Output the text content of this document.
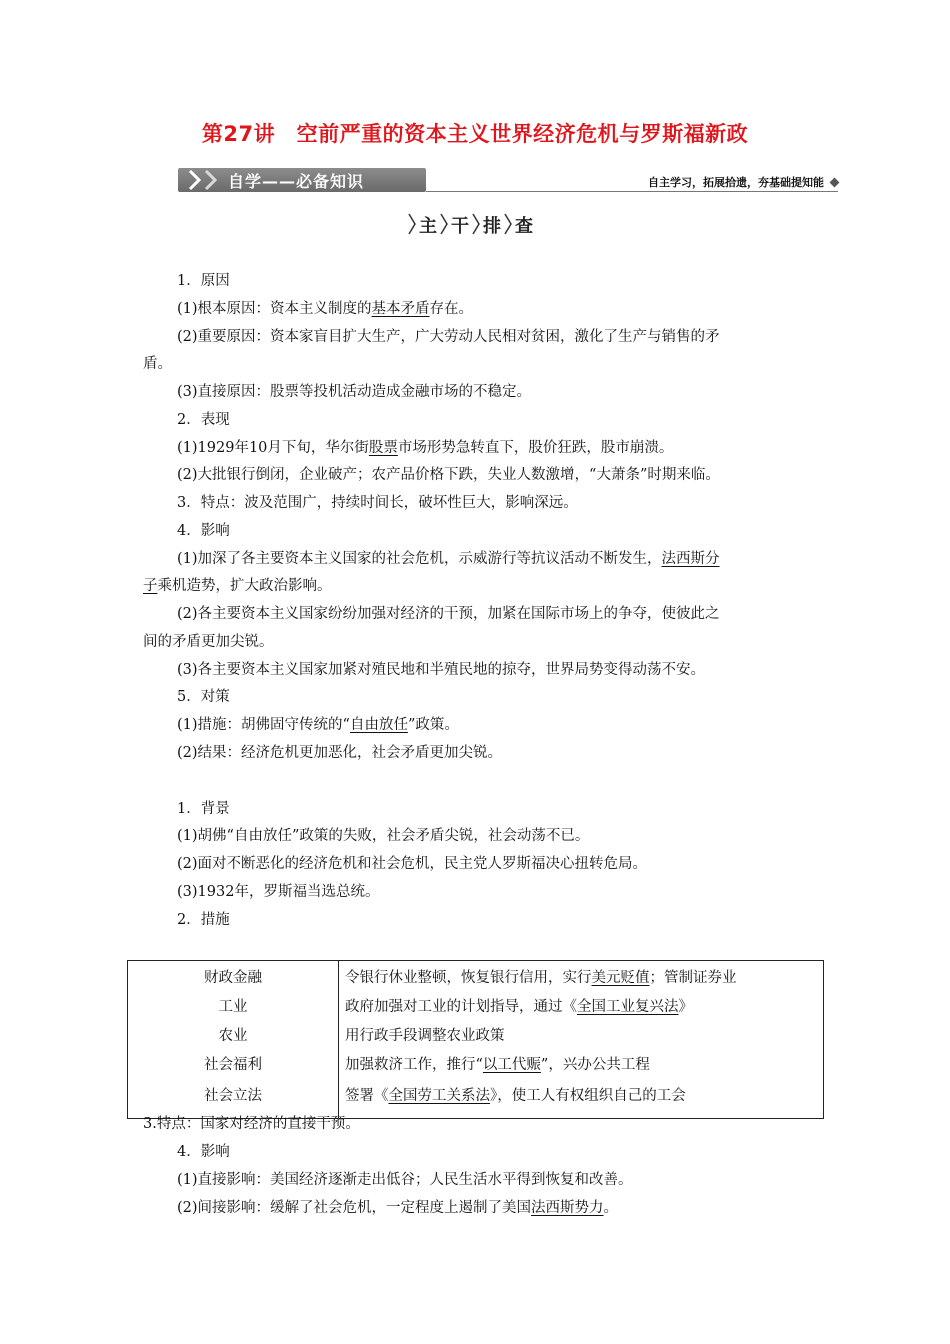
第27讲　空前严重的资本主义世界经济危机与罗斯福新政
自学——必备知识	自主学习，拓展拾遗，夯基础提知能
主 干 排 查
1．原因
(1)根本原因：资本主义制度的基本矛盾存在。
(2)重要原因：资本家盲目扩大生产，广大劳动人民相对贫困，激化了生产与销售的矛
盾。
(3)直接原因：股票等投机活动造成金融市场的不稳定。
2．表现
(1)1929年10月下旬，华尔街股票市场形势急转直下，股价狂跌，股市崩溃。
(2)大批银行倒闭，企业破产；农产品价格下跌，失业人数激增，“大萧条”时期来临。
3．特点：波及范围广，持续时间长，破坏性巨大，影响深远。
4．影响
(1)加深了各主要资本主义国家的社会危机，示威游行等抗议活动不断发生，法西斯分
子乘机造势，扩大政治影响。
(2)各主要资本主义国家纷纷加强对经济的干预，加紧在国际市场上的争夺，使彼此之
间的矛盾更加尖锐。
(3)各主要资本主义国家加紧对殖民地和半殖民地的掠夺，世界局势变得动荡不安。
5．对策
(1)措施：胡佛固守传统的“自由放任”政策。
(2)结果：经济危机更加恶化，社会矛盾更加尖锐。
1．背景
(1)胡佛“自由放任”政策的失败，社会矛盾尖锐，社会动荡不已。
(2)面对不断恶化的经济危机和社会危机，民主党人罗斯福决心扭转危局。
(3)1932年，罗斯福当选总统。
2．措施
财政金融	令银行休业整顿，恢复银行信用，实行美元贬值；管制证券业
工业	政府加强对工业的计划指导，通过《全国工业复兴法》
农业	用行政手段调整农业政策
社会福利	加强救济工作，推行“以工代赈”，兴办公共工程
社会立法	签署《全国劳工关系法》，使工人有权组织自己的工会
3.特点：国家对经济的直接干预。
4．影响
(1)直接影响：美国经济逐渐走出低谷；人民生活水平得到恢复和改善。
(2)间接影响：缓解了社会危机，一定程度上遏制了美国法西斯势力。
